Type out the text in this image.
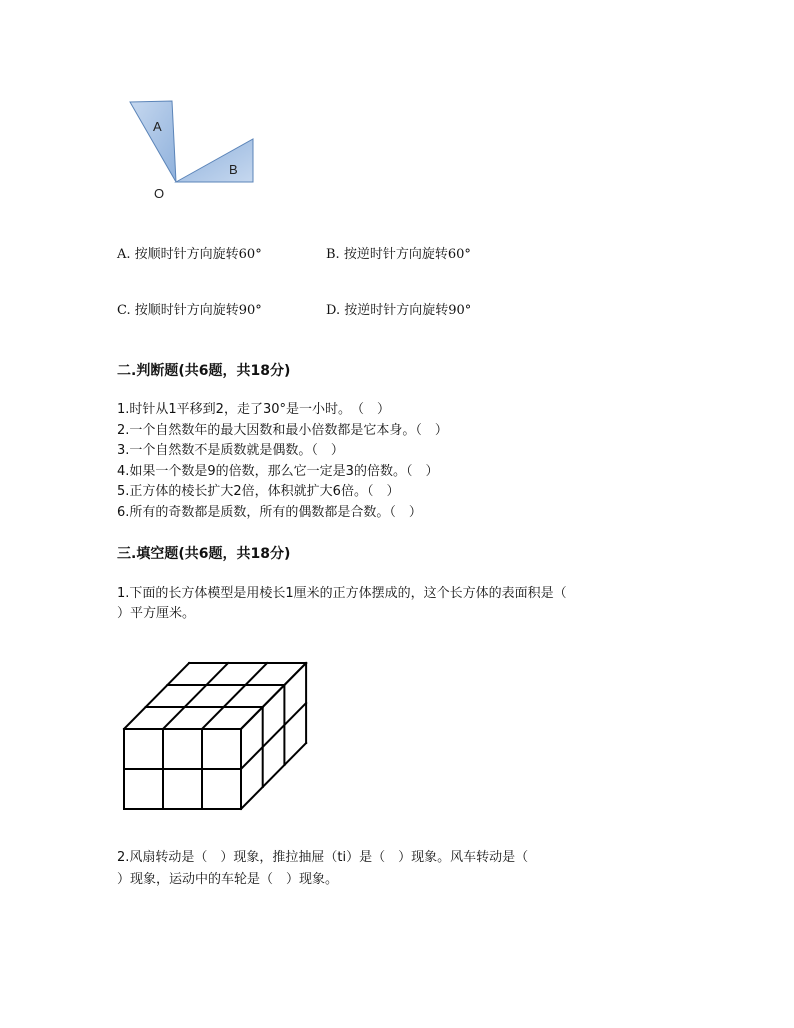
A
B
O
A. 按顺时针方向旋转60°	B. 按逆时针方向旋转60°
C. 按顺时针方向旋转90°	D. 按逆时针方向旋转90°
二.判断题(共6题，共18分)
1.时针从1平移到2，走了30°是一小时。　（　）
2.一个自然数年的最大因数和最小倍数都是它本身。（　）
3.一个自然数不是质数就是偶数。（　）
4.如果一个数是9的倍数，那么它一定是3的倍数。（　）
5.正方体的棱长扩大2倍，体积就扩大6倍。（　）
6.所有的奇数都是质数，所有的偶数都是合数。（　）
三.填空题(共6题，共18分)
1.下面的长方体模型是用棱长1厘米的正方体摆成的，这个长方体的表面积是（
）平方厘米。
2.风扇转动是（　）现象，推拉抽屉（ti）是（　）现象。风车转动是（
）现象，运动中的车轮是（　）现象。
